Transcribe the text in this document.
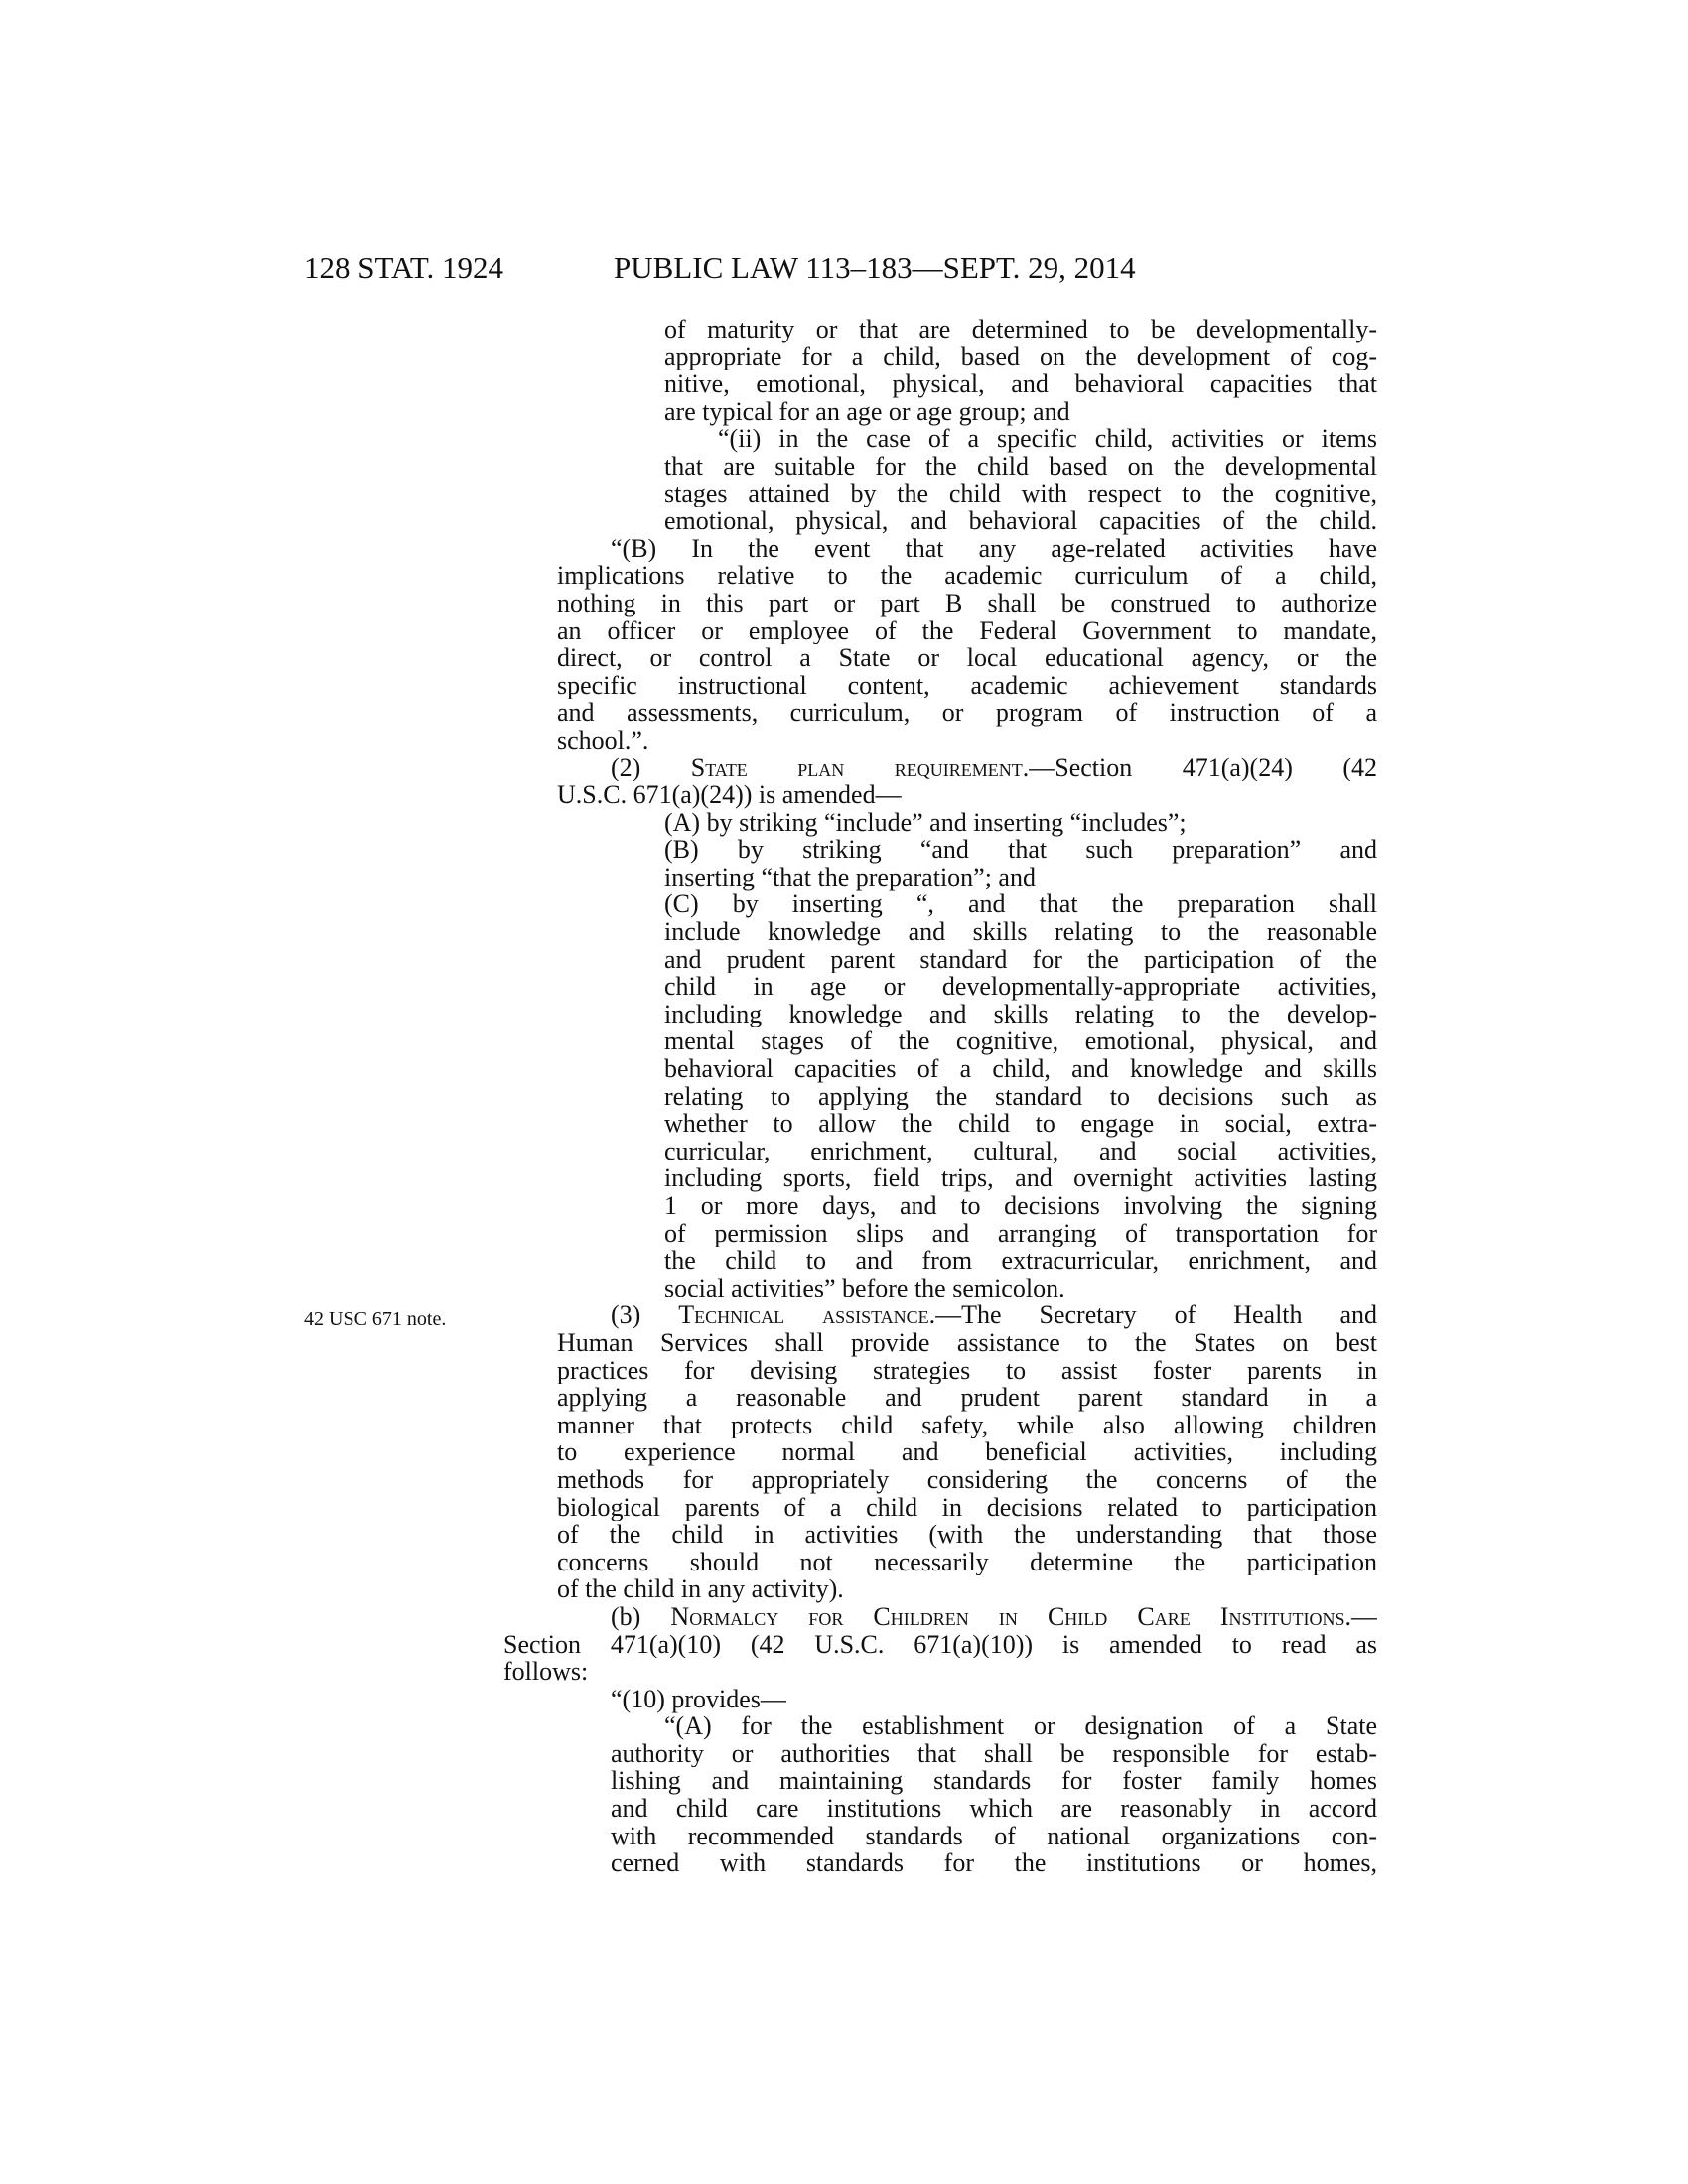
128 STAT. 1924	PUBLIC LAW 113–183—SEPT. 29, 2014
42 USC 671 note.
of maturity or that are determined to be developmentally-
appropriate for a child, based on the development of cog-
nitive, emotional, physical, and behavioral capacities that
are typical for an age or age group; and
“(ii) in the case of a specific child, activities or items
that are suitable for the child based on the developmental
stages attained by the child with respect to the cognitive,
emotional, physical, and behavioral capacities of the child.
“(B) In the event that any age-related activities have
implications relative to the academic curriculum of a child,
nothing in this part or part B shall be construed to authorize
an officer or employee of the Federal Government to mandate,
direct, or control a State or local educational agency, or the
specific instructional content, academic achievement standards
and assessments, curriculum, or program of instruction of a
school.”.
(2) State plan requirement.—Section 471(a)(24) (42
U.S.C. 671(a)(24)) is amended—
(A) by striking “include” and inserting “includes”;
(B) by striking “and that such preparation” and
inserting “that the preparation”; and
(C) by inserting “, and that the preparation shall
include knowledge and skills relating to the reasonable
and prudent parent standard for the participation of the
child in age or developmentally-appropriate activities,
including knowledge and skills relating to the develop-
mental stages of the cognitive, emotional, physical, and
behavioral capacities of a child, and knowledge and skills
relating to applying the standard to decisions such as
whether to allow the child to engage in social, extra-
curricular, enrichment, cultural, and social activities,
including sports, field trips, and overnight activities lasting
1 or more days, and to decisions involving the signing
of permission slips and arranging of transportation for
the child to and from extracurricular, enrichment, and
social activities” before the semicolon.
(3) Technical assistance.—The Secretary of Health and
Human Services shall provide assistance to the States on best
practices for devising strategies to assist foster parents in
applying a reasonable and prudent parent standard in a
manner that protects child safety, while also allowing children
to experience normal and beneficial activities, including
methods for appropriately considering the concerns of the
biological parents of a child in decisions related to participation
of the child in activities (with the understanding that those
concerns should not necessarily determine the participation
of the child in any activity).
(b) Normalcy for Children in Child Care Institutions.—
Section 471(a)(10) (42 U.S.C. 671(a)(10)) is amended to read as
follows:
“(10) provides—
“(A) for the establishment or designation of a State
authority or authorities that shall be responsible for estab-
lishing and maintaining standards for foster family homes
and child care institutions which are reasonably in accord
with recommended standards of national organizations con-
cerned with standards for the institutions or homes,
